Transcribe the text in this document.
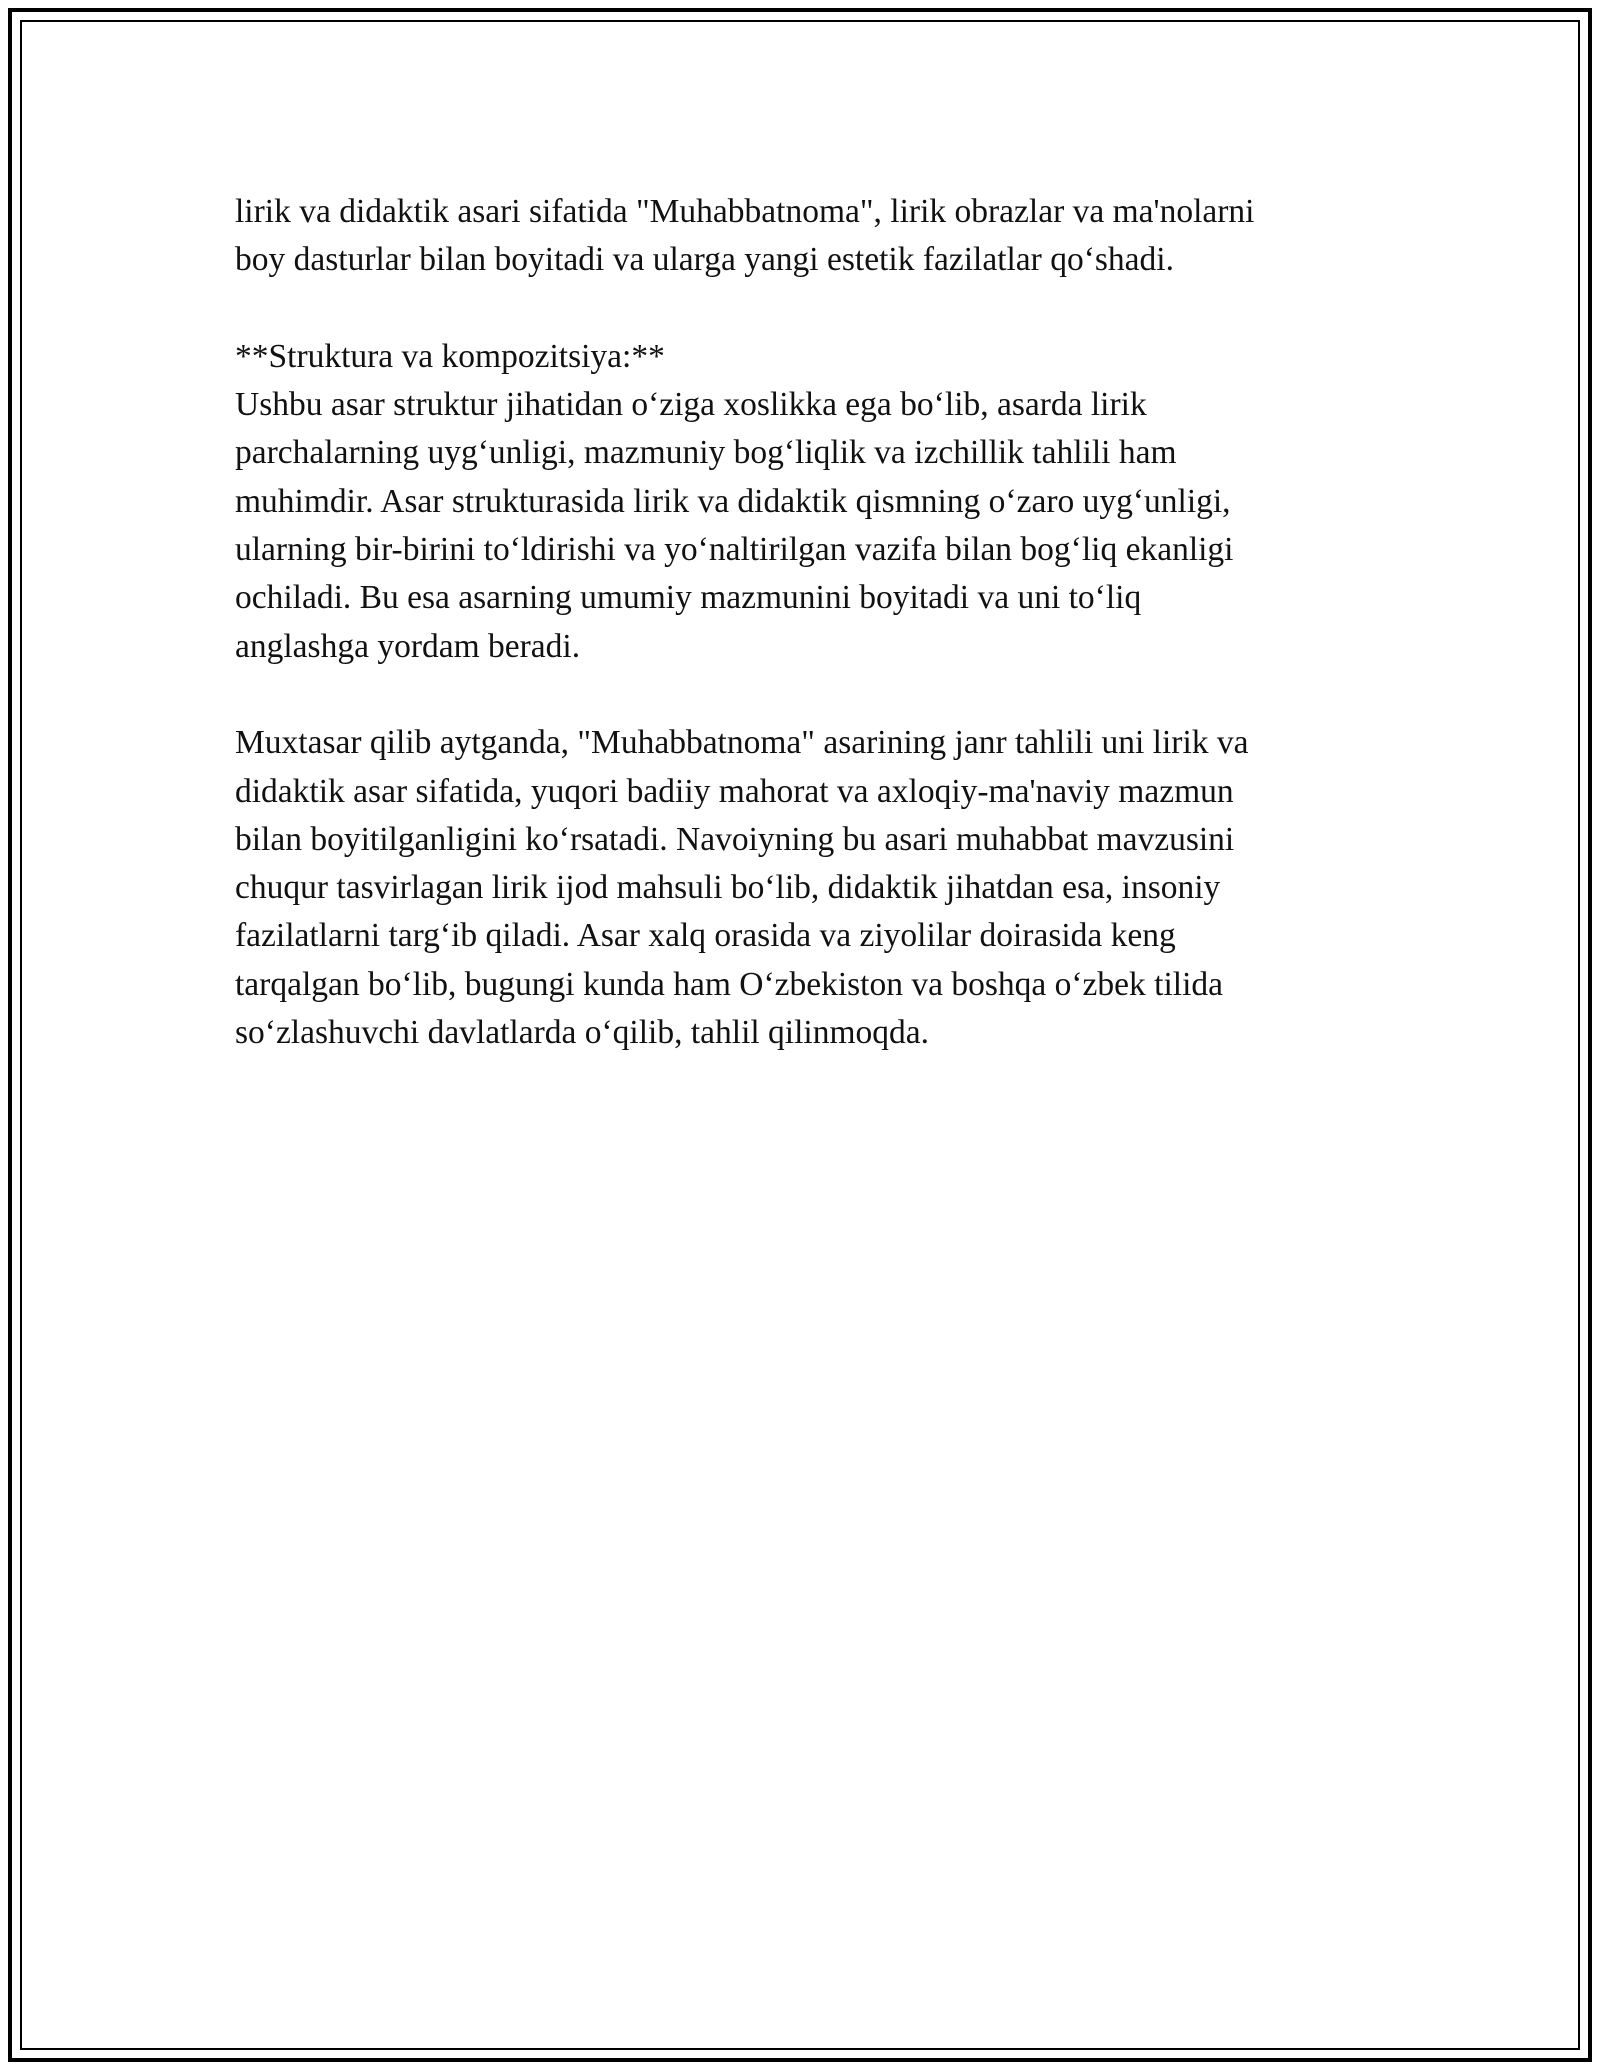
lirik va didaktik asari sifatida "Muhabbatnoma", lirik obrazlar va ma'nolarni
boy dasturlar bilan boyitadi va ularga yangi estetik fazilatlar qo‘shadi.

**Struktura va kompozitsiya:**

Ushbu asar struktur jihatidan o‘ziga xoslikka ega bo‘lib, asarda lirik
parchalarning uyg‘unligi, mazmuniy bog‘liqlik va izchillik tahlili ham
muhimdir. Asar strukturasida lirik va didaktik qismning o‘zaro uyg‘unligi,
ularning bir-birini to‘ldirishi va yo‘naltirilgan vazifa bilan bog‘liq ekanligi
ochiladi. Bu esa asarning umumiy mazmunini boyitadi va uni to‘liq
anglashga yordam beradi.

Muxtasar qilib aytganda, "Muhabbatnoma" asarining janr tahlili uni lirik va
didaktik asar sifatida, yuqori badiiy mahorat va axloqiy-ma'naviy mazmun
bilan boyitilganligini ko‘rsatadi. Navoiyning bu asari muhabbat mavzusini
chuqur tasvirlagan lirik ijod mahsuli bo‘lib, didaktik jihatdan esa, insoniy
fazilatlarni targ‘ib qiladi. Asar xalq orasida va ziyolilar doirasida keng
tarqalgan bo‘lib, bugungi kunda ham O‘zbekiston va boshqa o‘zbek tilida
so‘zlashuvchi davlatlarda o‘qilib, tahlil qilinmoqda.
